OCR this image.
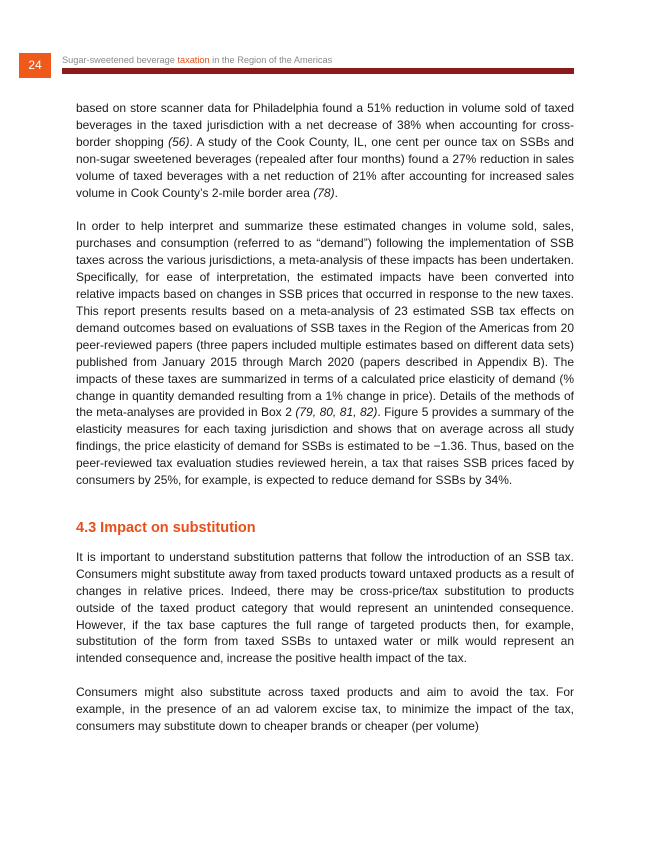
24	Sugar-sweetened beverage taxation in the Region of the Americas

based on store scanner data for Philadelphia found a 51% reduction in volume sold of taxed beverages in the taxed jurisdiction with a net decrease of 38% when accounting for cross-border shopping (56). A study of the Cook County, IL, one cent per ounce tax on SSBs and non-sugar sweetened beverages (repealed after four months) found a 27% reduction in sales volume of taxed beverages with a net reduction of 21% after accounting for increased sales volume in Cook County’s 2-mile border area (78).

In order to help interpret and summarize these estimated changes in volume sold, sales, purchases and consumption (referred to as “demand”) following the implementation of SSB taxes across the various jurisdictions, a meta-analysis of these impacts has been undertaken. Specifically, for ease of interpretation, the estimated impacts have been converted into relative impacts based on changes in SSB prices that occurred in response to the new taxes. This report presents results based on a meta-analysis of 23 estimated SSB tax effects on demand outcomes based on evaluations of SSB taxes in the Region of the Americas from 20 peer-reviewed papers (three papers included multiple estimates based on different data sets) published from January 2015 through March 2020 (papers described in Appendix B). The impacts of these taxes are summarized in terms of a calculated price elasticity of demand (% change in quantity demanded resulting from a 1% change in price). Details of the methods of the meta-analyses are provided in Box 2 (79, 80, 81, 82). Figure 5 provides a summary of the elasticity measures for each taxing jurisdiction and shows that on average across all study findings, the price elasticity of demand for SSBs is estimated to be −1.36. Thus, based on the peer-reviewed tax evaluation studies reviewed herein, a tax that raises SSB prices faced by consumers by 25%, for example, is expected to reduce demand for SSBs by 34%.

4.3 Impact on substitution

It is important to understand substitution patterns that follow the introduction of an SSB tax. Consumers might substitute away from taxed products toward untaxed products as a result of changes in relative prices. Indeed, there may be cross-price/tax substitution to products outside of the taxed product category that would represent an unintended consequence. However, if the tax base captures the full range of targeted products then, for example, substitution of the form from taxed SSBs to untaxed water or milk would represent an intended consequence and, increase the positive health impact of the tax.

Consumers might also substitute across taxed products and aim to avoid the tax. For example, in the presence of an ad valorem excise tax, to minimize the impact of the tax, consumers may substitute down to cheaper brands or cheaper (per volume)
